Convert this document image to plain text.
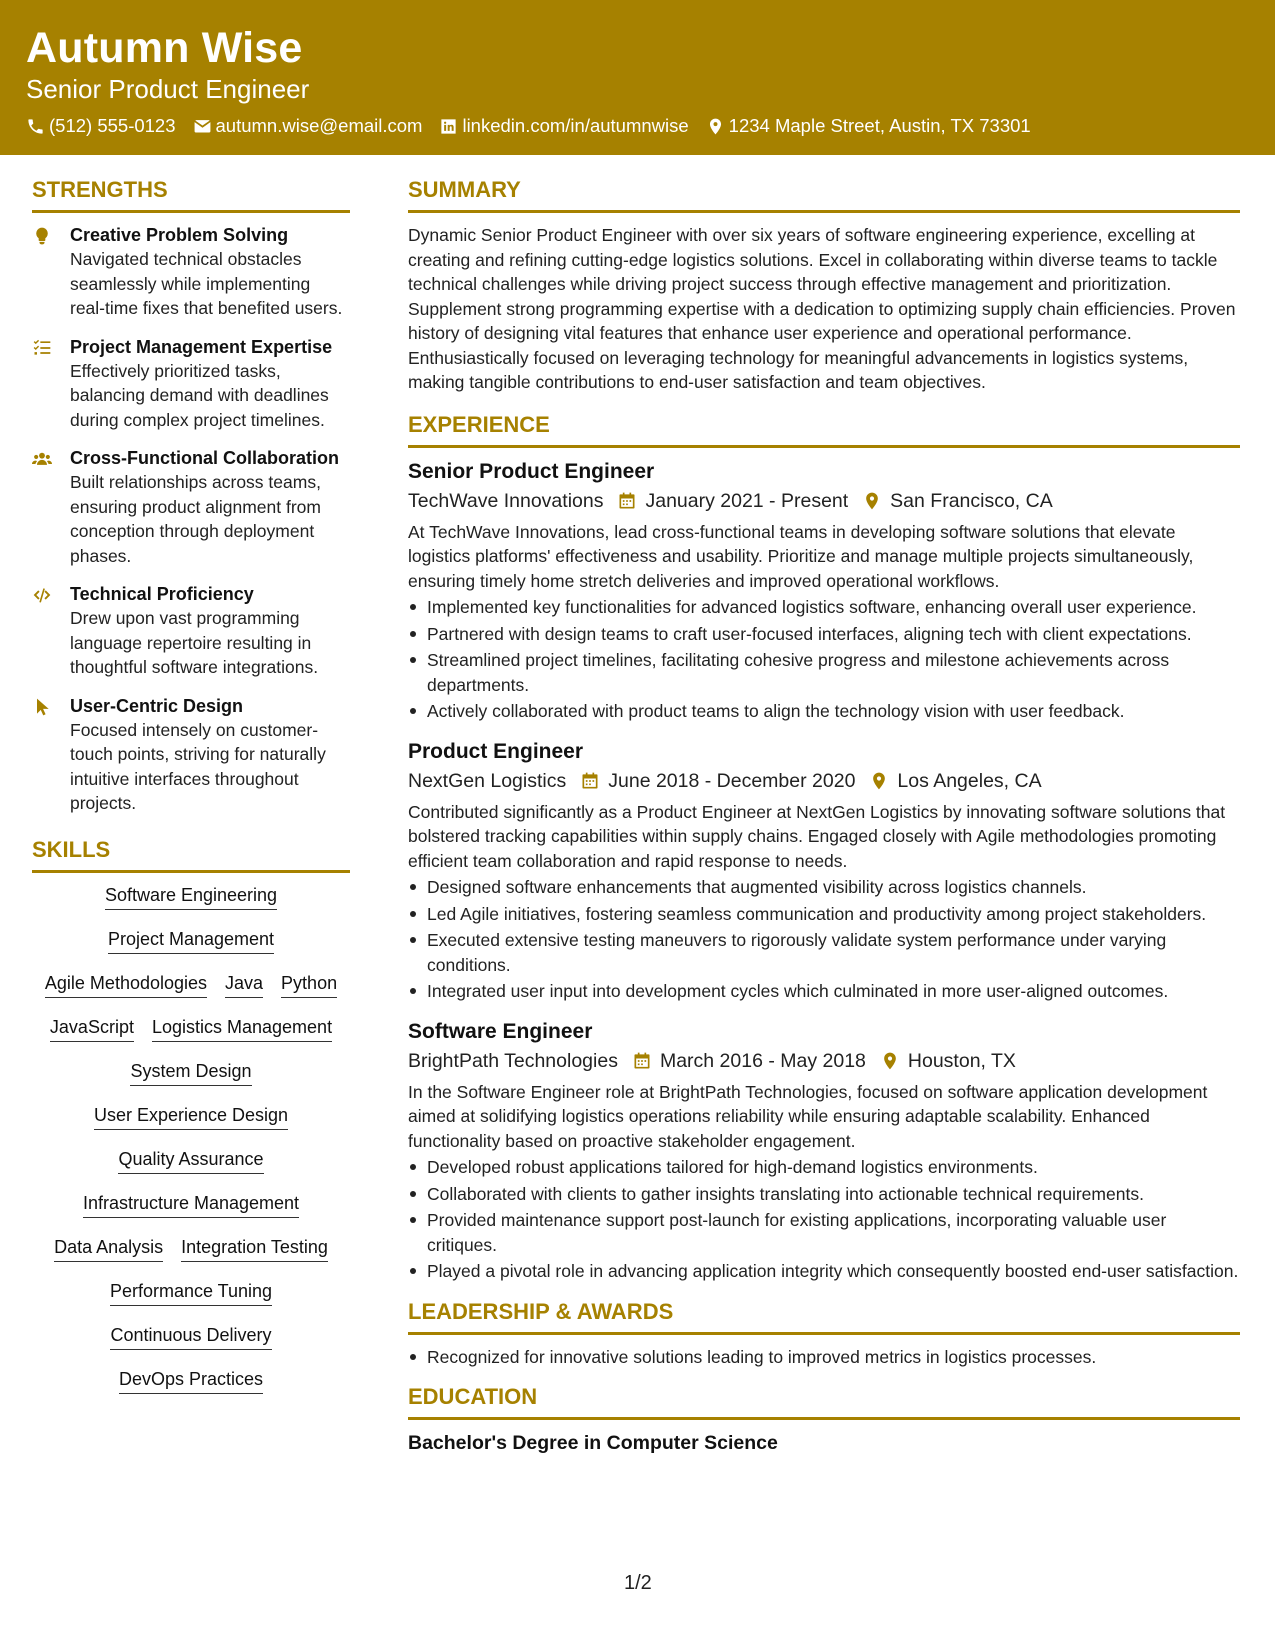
Autumn Wise
Senior Product Engineer
(512) 555-0123 autumn.wise@email.com linkedin.com/in/autumnwise 1234 Maple Street, Austin, TX 73301
STRENGTHS
Creative Problem Solving
Navigated technical obstacles seamlessly while implementing real-time fixes that benefited users.
Project Management Expertise
Effectively prioritized tasks, balancing demand with deadlines during complex project timelines.
Cross-Functional Collaboration
Built relationships across teams, ensuring product alignment from conception through deployment phases.
Technical Proficiency
Drew upon vast programming language repertoire resulting in thoughtful software integrations.
User-Centric Design
Focused intensely on customer-touch points, striving for naturally intuitive interfaces throughout projects.
SKILLS
Software Engineering
Project Management
Agile Methodologies Java Python
JavaScript Logistics Management
System Design
User Experience Design
Quality Assurance
Infrastructure Management
Data Analysis Integration Testing
Performance Tuning
Continuous Delivery
DevOps Practices
SUMMARY
Dynamic Senior Product Engineer with over six years of software engineering experience, excelling at creating and refining cutting-edge logistics solutions. Excel in collaborating within diverse teams to tackle technical challenges while driving project success through effective management and prioritization. Supplement strong programming expertise with a dedication to optimizing supply chain efficiencies. Proven history of designing vital features that enhance user experience and operational performance. Enthusiastically focused on leveraging technology for meaningful advancements in logistics systems, making tangible contributions to end-user satisfaction and team objectives.
EXPERIENCE
Senior Product Engineer
TechWave Innovations January 2021 - Present San Francisco, CA
At TechWave Innovations, lead cross-functional teams in developing software solutions that elevate logistics platforms' effectiveness and usability. Prioritize and manage multiple projects simultaneously, ensuring timely home stretch deliveries and improved operational workflows.
Implemented key functionalities for advanced logistics software, enhancing overall user experience.
Partnered with design teams to craft user-focused interfaces, aligning tech with client expectations.
Streamlined project timelines, facilitating cohesive progress and milestone achievements across departments.
Actively collaborated with product teams to align the technology vision with user feedback.
Product Engineer
NextGen Logistics June 2018 - December 2020 Los Angeles, CA
Contributed significantly as a Product Engineer at NextGen Logistics by innovating software solutions that bolstered tracking capabilities within supply chains. Engaged closely with Agile methodologies promoting efficient team collaboration and rapid response to needs.
Designed software enhancements that augmented visibility across logistics channels.
Led Agile initiatives, fostering seamless communication and productivity among project stakeholders.
Executed extensive testing maneuvers to rigorously validate system performance under varying conditions.
Integrated user input into development cycles which culminated in more user-aligned outcomes.
Software Engineer
BrightPath Technologies March 2016 - May 2018 Houston, TX
In the Software Engineer role at BrightPath Technologies, focused on software application development aimed at solidifying logistics operations reliability while ensuring adaptable scalability. Enhanced functionality based on proactive stakeholder engagement.
Developed robust applications tailored for high-demand logistics environments.
Collaborated with clients to gather insights translating into actionable technical requirements.
Provided maintenance support post-launch for existing applications, incorporating valuable user critiques.
Played a pivotal role in advancing application integrity which consequently boosted end-user satisfaction.
LEADERSHIP & AWARDS
Recognized for innovative solutions leading to improved metrics in logistics processes.
EDUCATION
Bachelor's Degree in Computer Science
1/2
